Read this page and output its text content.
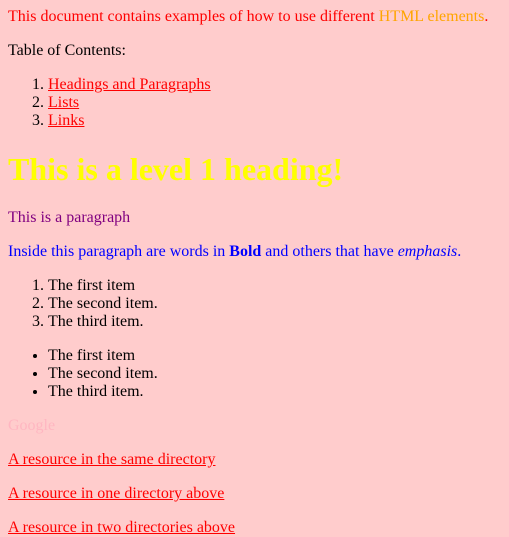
This document contains examples of how to use different HTML elements.

Table of Contents:

1. Headings and Paragraphs
2. Lists
3. Links
This is a level 1 heading!

This is a paragraph

Inside this paragraph are words in Bold and others that have emphasis.

1. The first item
2. The second item.
3. The third item.
• The first item
• The second item.
• The third item.

Google

A resource in the same directory

A resource in one directory above

A resource in two directories above
